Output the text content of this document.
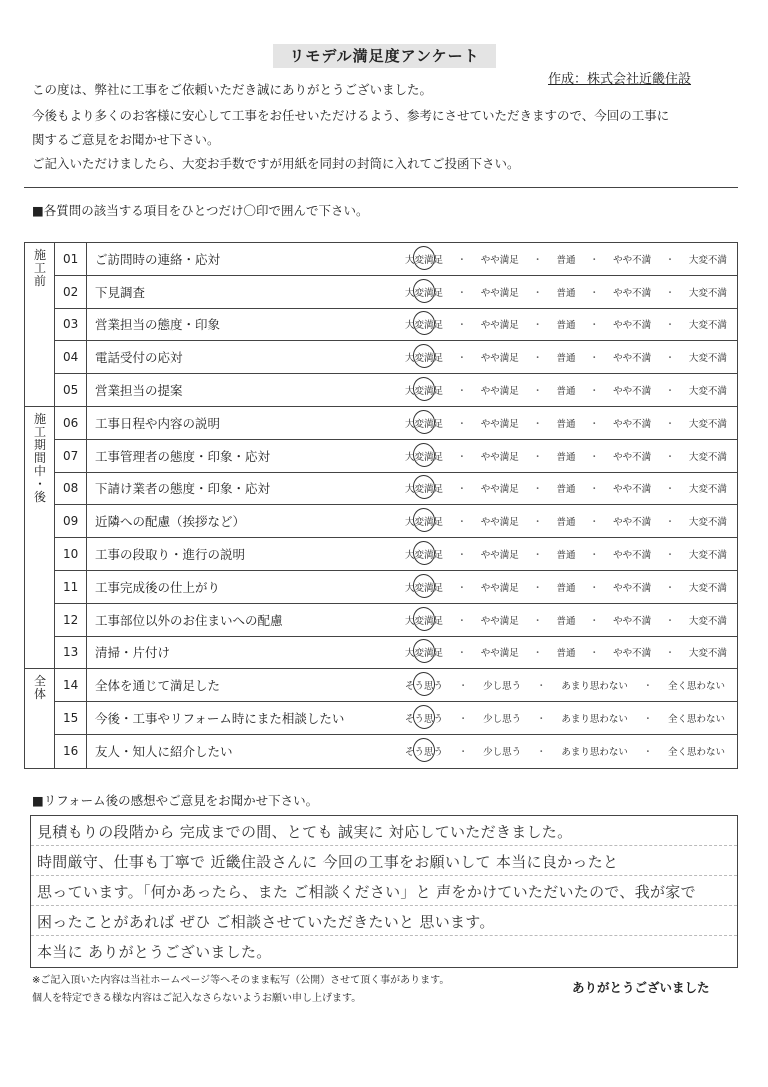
リモデル満足度アンケート
作成：株式会社近畿住設
この度は、弊社に工事をご依頼いただき誠にありがとうございました。
今後もより多くのお客様に安心して工事をお任せいただけるよう、参考にさせていただきますので、今回の工事に
関するご意見をお聞かせ下さい。
ご記入いただけましたら、大変お手数ですが用紙を同封の封筒に入れてご投函下さい。
■各質問の該当する項目をひとつだけ〇印で囲んで下さい。
施
工
前
施
工
期
間
中
・
後
全
体
01	ご訪問時の連絡・応対	大変満足 ・ やや満足 ・ 普通 ・ やや不満 ・ 大変不満
02	下見調査	大変満足 ・ やや満足 ・ 普通 ・ やや不満 ・ 大変不満
03	営業担当の態度・印象	大変満足 ・ やや満足 ・ 普通 ・ やや不満 ・ 大変不満
04	電話受付の応対	大変満足 ・ やや満足 ・ 普通 ・ やや不満 ・ 大変不満
05	営業担当の提案	大変満足 ・ やや満足 ・ 普通 ・ やや不満 ・ 大変不満
06	工事日程や内容の説明	大変満足 ・ やや満足 ・ 普通 ・ やや不満 ・ 大変不満
07	工事管理者の態度・印象・応対	大変満足 ・ やや満足 ・ 普通 ・ やや不満 ・ 大変不満
08	下請け業者の態度・印象・応対	大変満足 ・ やや満足 ・ 普通 ・ やや不満 ・ 大変不満
09	近隣への配慮（挨拶など）	大変満足 ・ やや満足 ・ 普通 ・ やや不満 ・ 大変不満
10	工事の段取り・進行の説明	大変満足 ・ やや満足 ・ 普通 ・ やや不満 ・ 大変不満
11	工事完成後の仕上がり	大変満足 ・ やや満足 ・ 普通 ・ やや不満 ・ 大変不満
12	工事部位以外のお住まいへの配慮	大変満足 ・ やや満足 ・ 普通 ・ やや不満 ・ 大変不満
13	清掃・片付け	大変満足 ・ やや満足 ・ 普通 ・ やや不満 ・ 大変不満
14	全体を通じて満足した	そう思う ・ 少し思う ・ あまり思わない ・ 全く思わない
15	今後・工事やリフォーム時にまた相談したい	そう思う ・ 少し思う ・ あまり思わない ・ 全く思わない
16	友人・知人に紹介したい	そう思う ・ 少し思う ・ あまり思わない ・ 全く思わない
■リフォーム後の感想やご意見をお聞かせ下さい。
見積もりの段階から 完成までの間、とても 誠実に 対応していただきました。
時間厳守、仕事も丁寧で 近畿住設さんに 今回の工事をお願いして 本当に良かったと
思っています。「何かあったら、また ご相談ください」と 声をかけていただいたので、我が家で
困ったことがあれば ぜひ ご相談させていただきたいと 思います。
本当に ありがとうございました。
※ご記入頂いた内容は当社ホームページ等へそのまま転写（公開）させて頂く事があります。
個人を特定できる様な内容はご記入なさらないようお願い申し上げます。
ありがとうございました
